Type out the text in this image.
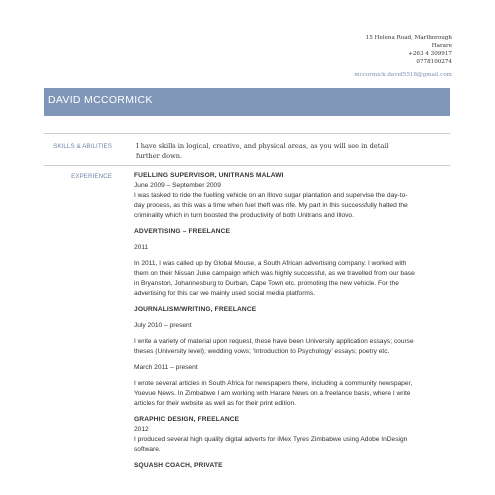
15 Helena Road, Marlborough
Harare
+263 4 309917
0778100274
mccormick.david5518@gmail.com
DAVID MCCORMICK
SKILLS & ABILITIES	I have skills in logical, creative, and physical areas, as you will see in detail further down.
EXPERIENCE	FUELLING SUPERVISOR, UNITRANS MALAWI
June 2009 – September 2009
I was tasked to ride the fuelling vehicle on an Illovo sugar plantation and supervise the day-to-
day process, as this was a time when fuel theft was rife. My part in this successfully halted the
criminality which in turn boosted the productivity of both Unitrans and Illovo.
ADVERTISING – FREELANCE
2011
In 2011, I was called up by Global Mouse, a South African advertising company. I worked with
them on their Nissan Juke campaign which was highly successful, as we travelled from our base
in Bryanston, Johannesburg to Durban, Cape Town etc. promoting the new vehicle. For the
advertising for this car we mainly used social media platforms.
JOURNALISM/WRITING, FREELANCE
July 2010 – present
I write a variety of material upon request, these have been University application essays; course
theses (University level); wedding vows; 'Introduction to Psychology' essays; poetry etc.
March 2011 – present
I wrote several articles in South Africa for newspapers there, including a community newspaper,
Yoevue News. In Zimbabwe I am working with Harare News on a freelance basis, where I write
articles for their website as well as for their print edition.
GRAPHIC DESIGN, FREELANCE
2012
I produced several high quality digital adverts for iMex Tyres Zimbabwe using Adobe InDesign
software.
SQUASH COACH, PRIVATE
